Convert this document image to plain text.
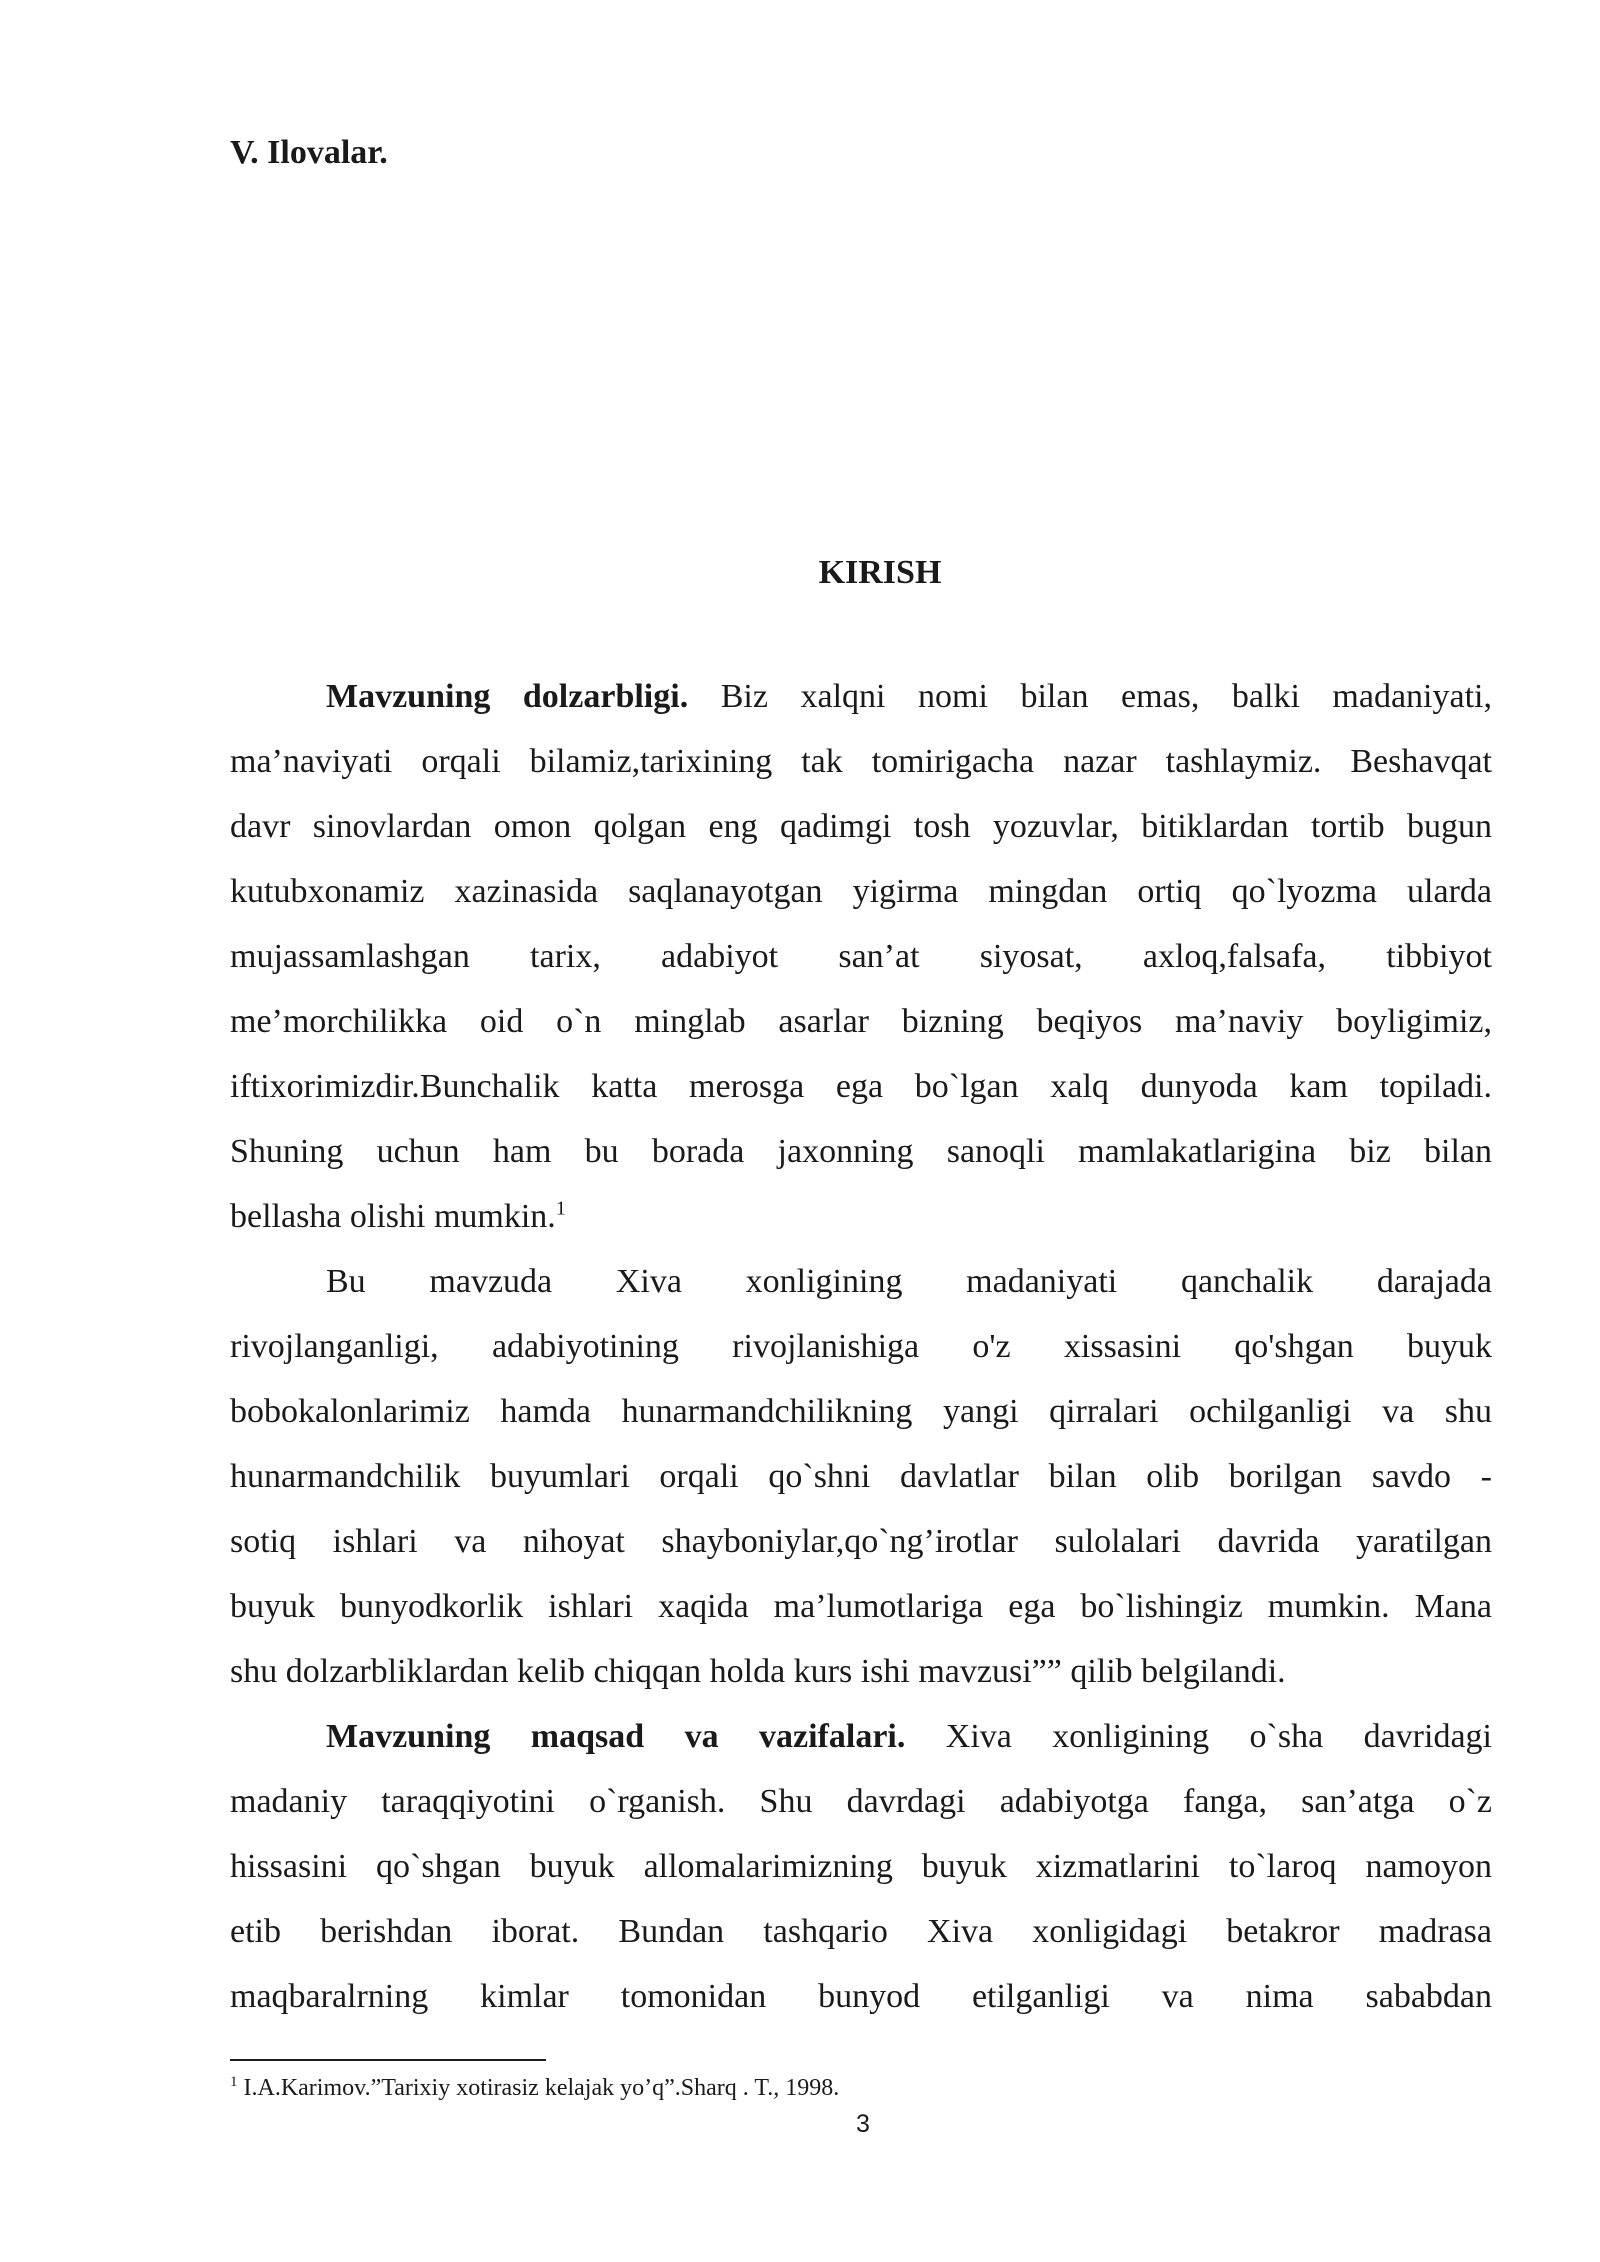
V. Ilovalar.
KIRISH
Mavzuning dolzarbligi. Biz xalqni nomi bilan emas, balki madaniyati,
ma’naviyati orqali bilamiz,tarixining tak tomirigacha nazar tashlaymiz. Beshavqat
davr sinovlardan omon qolgan eng qadimgi tosh yozuvlar, bitiklardan tortib bugun
kutubxonamiz xazinasida saqlanayotgan yigirma mingdan ortiq qo`lyozma ularda
mujassamlashgan tarix, adabiyot san’at siyosat, axloq,falsafa, tibbiyot
me’morchilikka oid o`n minglab asarlar bizning beqiyos ma’naviy boyligimiz,
iftixorimizdir.Bunchalik katta merosga ega bo`lgan xalq dunyoda kam topiladi.
Shuning uchun ham bu borada jaxonning sanoqli mamlakatlarigina biz bilan
bellasha olishi mumkin.$^1$
Bu mavzuda Xiva xonligining madaniyati qanchalik darajada
rivojlanganligi, adabiyotining rivojlanishiga o'z xissasini qo'shgan buyuk
bobokalonlarimiz hamda hunarmandchilikning yangi qirralari ochilganligi va shu
hunarmandchilik buyumlari orqali qo`shni davlatlar bilan olib borilgan savdo -
sotiq ishlari va nihoyat shayboniylar,qo`ng’irotlar sulolalari davrida yaratilgan
buyuk bunyodkorlik ishlari xaqida ma’lumotlariga ega bo`lishingiz mumkin. Mana
shu dolzarbliklardan kelib chiqqan holda kurs ishi mavzusi”” qilib belgilandi.
Mavzuning maqsad va vazifalari. Xiva xonligining o`sha davridagi
madaniy taraqqiyotini o`rganish. Shu davrdagi adabiyotga fanga, san’atga o`z
hissasini qo`shgan buyuk allomalarimizning buyuk xizmatlarini to`laroq namoyon
etib berishdan iborat. Bundan tashqario Xiva xonligidagi betakror madrasa
maqbaralrning kimlar tomonidan bunyod etilganligi va nima sababdan
$^1$ I.A.Karimov.”Tarixiy xotirasiz kelajak yo’q”.Sharq . T., 1998.
3
